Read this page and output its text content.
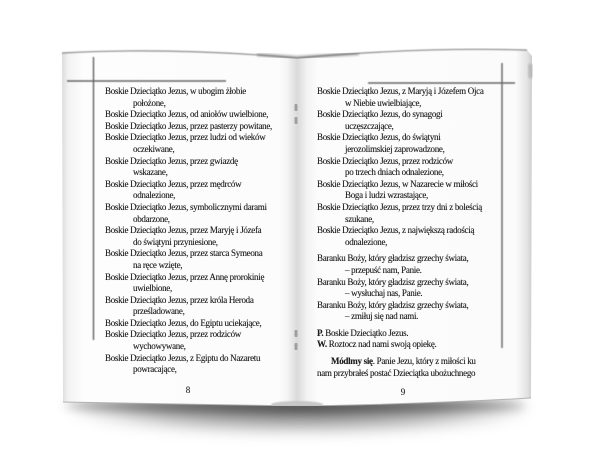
Boskie Dzieciątko Jezus, w ubogim żłobie
położone,
Boskie Dzieciątko Jezus, od aniołów uwielbione,
Boskie Dzieciątko Jezus, przez pasterzy powitane,
Boskie Dzieciątko Jezus, przez ludzi od wieków
oczekiwane,
Boskie Dzieciątko Jezus, przez gwiazdę
wskazane,
Boskie Dzieciątko Jezus, przez mędrców
odnalezione,
Boskie Dzieciątko Jezus, symbolicznymi darami
obdarzone,
Boskie Dzieciątko Jezus, przez Maryję i Józefa
do świątyni przyniesione,
Boskie Dzieciątko Jezus, przez starca Symeona
na ręce wzięte,
Boskie Dzieciątko Jezus, przez Annę prorokinię
uwielbione,
Boskie Dzieciątko Jezus, przez króla Heroda
prześladowane,
Boskie Dzieciątko Jezus, do Egiptu uciekające,
Boskie Dzieciątko Jezus, przez rodziców
wychowywane,
Boskie Dzieciątko Jezus, z Egiptu do Nazaretu
powracające,
Boskie Dzieciątko Jezus, z Maryją i Józefem Ojca
w Niebie uwielbiające,
Boskie Dzieciątko Jezus, do synagogi
uczęszczające,
Boskie Dzieciątko Jezus, do świątyni
jerozolimskiej zaprowadzone,
Boskie Dzieciątko Jezus, przez rodziców
po trzech dniach odnalezione,
Boskie Dzieciątko Jezus, w Nazarecie w miłości
Boga i ludzi wzrastające,
Boskie Dzieciątko Jezus, przez trzy dni z boleścią
szukane,
Boskie Dzieciątko Jezus, z największą radością
odnalezione,
Baranku Boży, który gładzisz grzechy świata,
– przepuść nam, Panie.
Baranku Boży, który gładzisz grzechy świata,
– wysłuchaj nas, Panie.
Baranku Boży, który gładzisz grzechy świata,
– zmiłuj się nad nami.
P. Boskie Dzieciątko Jezus.
W. Roztocz nad nami swoją opiekę.
Módlmy się. Panie Jezu, który z miłości ku
nam przybrałeś postać Dzieciątka ubożuchnego
8	9
